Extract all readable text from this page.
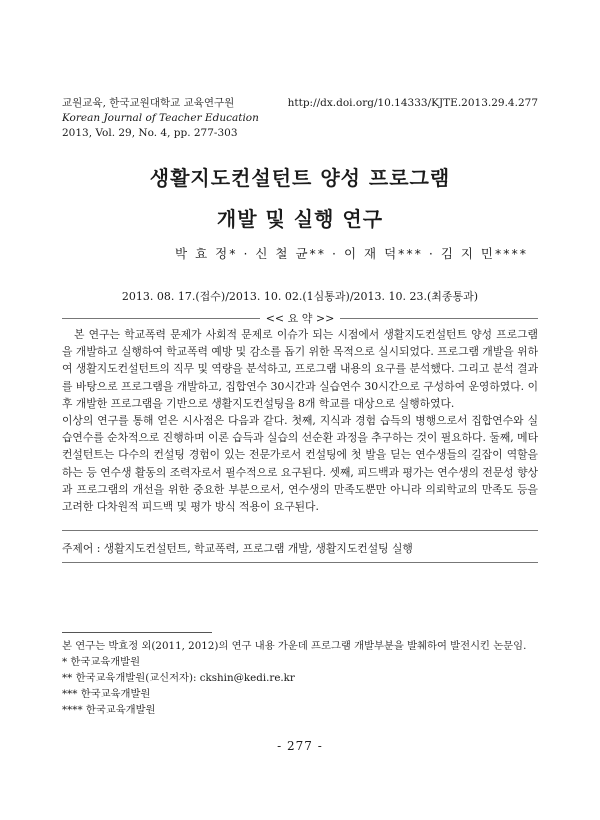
교원교육, 한국교원대학교 교육연구원
Korean Journal of Teacher Education
2013, Vol. 29, No. 4, pp. 277-303
http://dx.doi.org/10.14333/KJTE.2013.29.4.277
생활지도컨설턴트 양성 프로그램
개발 및 실행 연구
박 효 정* · 신 철 균** · 이 재 덕*** · 김 지 민****
2013. 08. 17.(접수)/2013. 10. 02.(1심통과)/2013. 10. 23.(최종통과)
<< 요 약 >>

본 연구는 학교폭력 문제가 사회적 문제로 이슈가 되는 시점에서 생활지도컨설턴트 양성 프로그램을 개발하고 실행하여 학교폭력 예방 및 감소를 돕기 위한 목적으로 실시되었다. 프로그램 개발을 위하여 생활지도컨설턴트의 직무 및 역량을 분석하고, 프로그램 내용의 요구를 분석했다. 그리고 분석 결과를 바탕으로 프로그램을 개발하고, 집합연수 30시간과 실습연수 30시간으로 구성하여 운영하였다. 이후 개발한 프로그램을 기반으로 생활지도컨설팅을 8개 학교를 대상으로 실행하였다.

이상의 연구를 통해 얻은 시사점은 다음과 같다. 첫째, 지식과 경험 습득의 병행으로서 집합연수와 실습연수를 순차적으로 진행하며 이론 습득과 실습의 선순환 과정을 추구하는 것이 필요하다. 둘째, 메타컨설턴트는 다수의 컨설팅 경험이 있는 전문가로서 컨설팅에 첫 발을 딛는 연수생들의 길잡이 역할을 하는 등 연수생 활동의 조력자로서 필수적으로 요구된다. 셋째, 피드백과 평가는 연수생의 전문성 향상과 프로그램의 개선을 위한 중요한 부분으로서, 연수생의 만족도뿐만 아니라 의뢰학교의 만족도 등을 고려한 다차원적 피드백 및 평가 방식 적용이 요구된다.

주제어 : 생활지도컨설턴트, 학교폭력, 프로그램 개발, 생활지도컨설팅 실행
본 연구는 박효정 외(2011, 2012)의 연구 내용 가운데 프로그램 개발부분을 발췌하여 발전시킨 논문임.
* 한국교육개발원
** 한국교육개발원(교신저자): ckshin@kedi.re.kr
*** 한국교육개발원
**** 한국교육개발원
- 277 -
